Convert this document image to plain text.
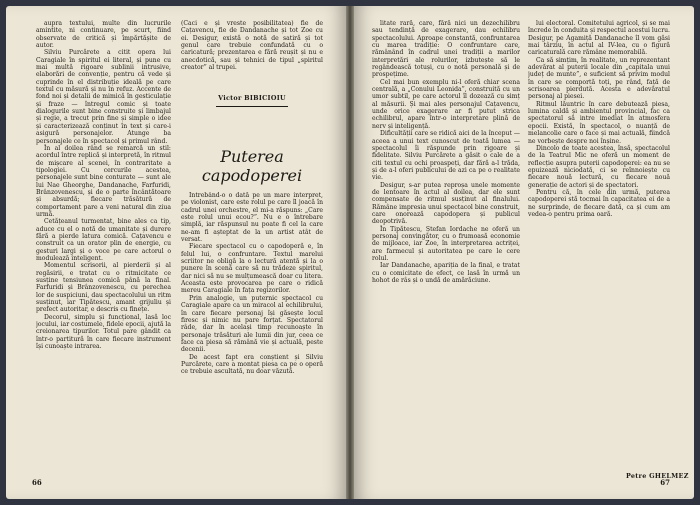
aupra textului, multe din lucrurile amintite, ni continuare, pe scurt, fiind observate de critică și împărtășite de autor.

Silviu Purcărete a citit opera lui Caragiale în spiritul ei literal, și pune cu mai multă rigoare sublinii intrusive, elaborări de convenție, pentru că vede și cuprinde în el distribuție ideală pe care textul cu măsură și nu în refuz. Accente de fond noi și detalii de mimică în gesticulație și fraze — întregul comic și toate dialogurile sunt bine construite și limbajul și regie, a trecut prin fine și simple o idee și caracterizează conținut în text și care-i asigură personajelor. Atunge ba personajele ce în spectacol și primul rând.

În al doilea rând se remarcă un stil: acordul între replică și interpretă, în ritmul de mișcare al scenei, în contraritate a tipologiei. Cu cercurile acestea, personajele sunt bine conturate — sunt ale lui Nae Gheorghe, Dandanache, Farfuridi, Brânzovenescu, și de o parte încântătoare și absurdă; fiecare trăsătură de comportament pare a veni natural din ziua urmă.

Cetățeanul turmentat, bine ales ca tip, aduce cu el o notă de umanitate și durere fără a pierde latura comică. Cațavencu e construit ca un orator plin de energie, cu gesturi largi și o voce pe care actorul o modulează inteligent.

Momentul scrisorii, al pierderii și al regăsirii, e tratat cu o ritmicitate ce susține tensiunea comică până la final. Farfuridi și Brânzovenescu, cu perechea lor de suspiciuni, dau spectacolului un ritm susținut, iar Tipătescu, amant grijuliu și prefect autoritar, e descris cu finețe.

Decorul, simplu și funcțional, lasă loc jocului, iar costumele, fidele epocii, ajută la creionarea tipurilor. Totul pare gândit ca într-o partitură în care fiecare instrument își cunoaște intrarea.

(Caci e și vreste posibilitatea) fie de Cațavencu, fie de Dandanache și tot Zoe cu ei. Desigur, există o notă de satiră și tot genul care trebuie confundată cu o caricatură; prezentarea e fără reușit și nu e anecdotică, sau și tehnici de tipul „spiritul creator” al trupei.
Victor BIBICIOIU
Puterea capodoperei

Întrebând-o o dată pe un mare interpret, pe violonist, care este rolul pe care îl joacă în cadrul unei orchestre, el mi-a răspuns: „Care este rolul unui ecou?”. Nu e o întrebare simplă, iar răspunsul nu poate fi cel la care ne-am fi așteptat de la un artist atât de versat.

Fiecare spectacol cu o capodoperă e, în felul lui, o confruntare. Textul marelui scriitor ne obligă la o lectură atentă și la o punere în scenă care să nu trădeze spiritul, dar nici să nu se mulțumească doar cu litera. Aceasta este provocarea pe care o ridică mereu Caragiale în fața regizorilor.

Prin analogie, un puternic spectacol cu Caragiale apare ca un miracol al echilibrului, în care fiecare personaj își găsește locul firesc și nimic nu pare forțat. Spectatorul râde, dar în același timp recunoaște în personaje trăsături ale lumii din jur, ceea ce face ca piesa să rămână vie și actuală, peste decenii.

De acest fapt era conștient și Silviu Purcărete, care a montat piesa ca pe o operă ce trebuie ascultată, nu doar văzută.

66

litate rară, care, fără nici un dezechilibru sau tendință de exagerare, dau echilibru spectacolului. Aproape constantă, confruntarea cu marea tradiție: O confruntare care, rămânând în cadrul unei tradiții a marilor interpretări ale rolurilor, izbutește să le regândească totuși, cu o notă personală și de prospețime.

Cel mai bun exemplu ni-l oferă chiar scena centrală, a „Conului Leonida”, construită cu un umor subtil, pe care actorul îl dozează cu simț al măsurii. Și mai ales personajul Cațavencu, unde orice exagerare ar fi putut strica echilibrul, apare într-o interpretare plină de nerv și inteligență.

Dificultății care se ridică aici de la început — aceea a unui text cunoscut de toată lumea — spectacolul îi răspunde prin rigoare și fidelitate. Silviu Purcărete a găsit o cale de a citi textul cu ochi proaspeți, dar fără a-l trăda, și de a-l oferi publicului de azi ca pe o realitate vie.

Desigur, s-ar putea reproșa unele momente de lentoare în actul al doilea, dar ele sunt compensate de ritmul susținut al finalului. Rămâne impresia unui spectacol bine construit, care onorează capodopera și publicul deopotrivă.

În Tipătescu, Ștefan Iordache ne oferă un personaj convingător, cu o frumoasă economie de mijloace, iar Zoe, în interpretarea actriței, are farmecul și autoritatea pe care le cere rolul.

Iar Dandanache, apariția de la final, e tratat cu o comicitate de efect, ce lasă în urmă un hohot de râs și o undă de amărăciune.

lui electoral. Comitetului agricol, și se mai încrede în conduita și respectul acestui lucru. Desigur, pe Agamiță Dandanache îl vom găsi mai târziu, în actul al IV-lea, cu o figură caricaturală care rămâne memorabilă.

Ca să simțim, în realitate, un reprezentant adevărat al puterii locale din „capitala unui județ de munte”, e suficient să privim modul în care se comportă toți, pe rând, față de scrisoarea pierdută. Acesta e adevăratul personaj al piesei.

Ritmul lăuntric în care debutează piesa, lumina caldă și ambientul provincial, fac ca spectatorul să intre imediat în atmosfera epocii. Există, în spectacol, o nuanță de melancolie care o face și mai actuală, fiindcă ne vorbește despre noi înșine.

Dincolo de toate acestea, însă, spectacolul de la Teatrul Mic ne oferă un moment de reflecție asupra puterii capodoperei: ea nu se epuizează niciodată, ci se reînnoiește cu fiecare nouă lectură, cu fiecare nouă generație de actori și de spectatori.

Pentru că, în cele din urmă, puterea capodoperei stă tocmai în capacitatea ei de a ne surprinde, de fiecare dată, ca și cum am vedea-o pentru prima oară.

Petre GHELMEZ
67
